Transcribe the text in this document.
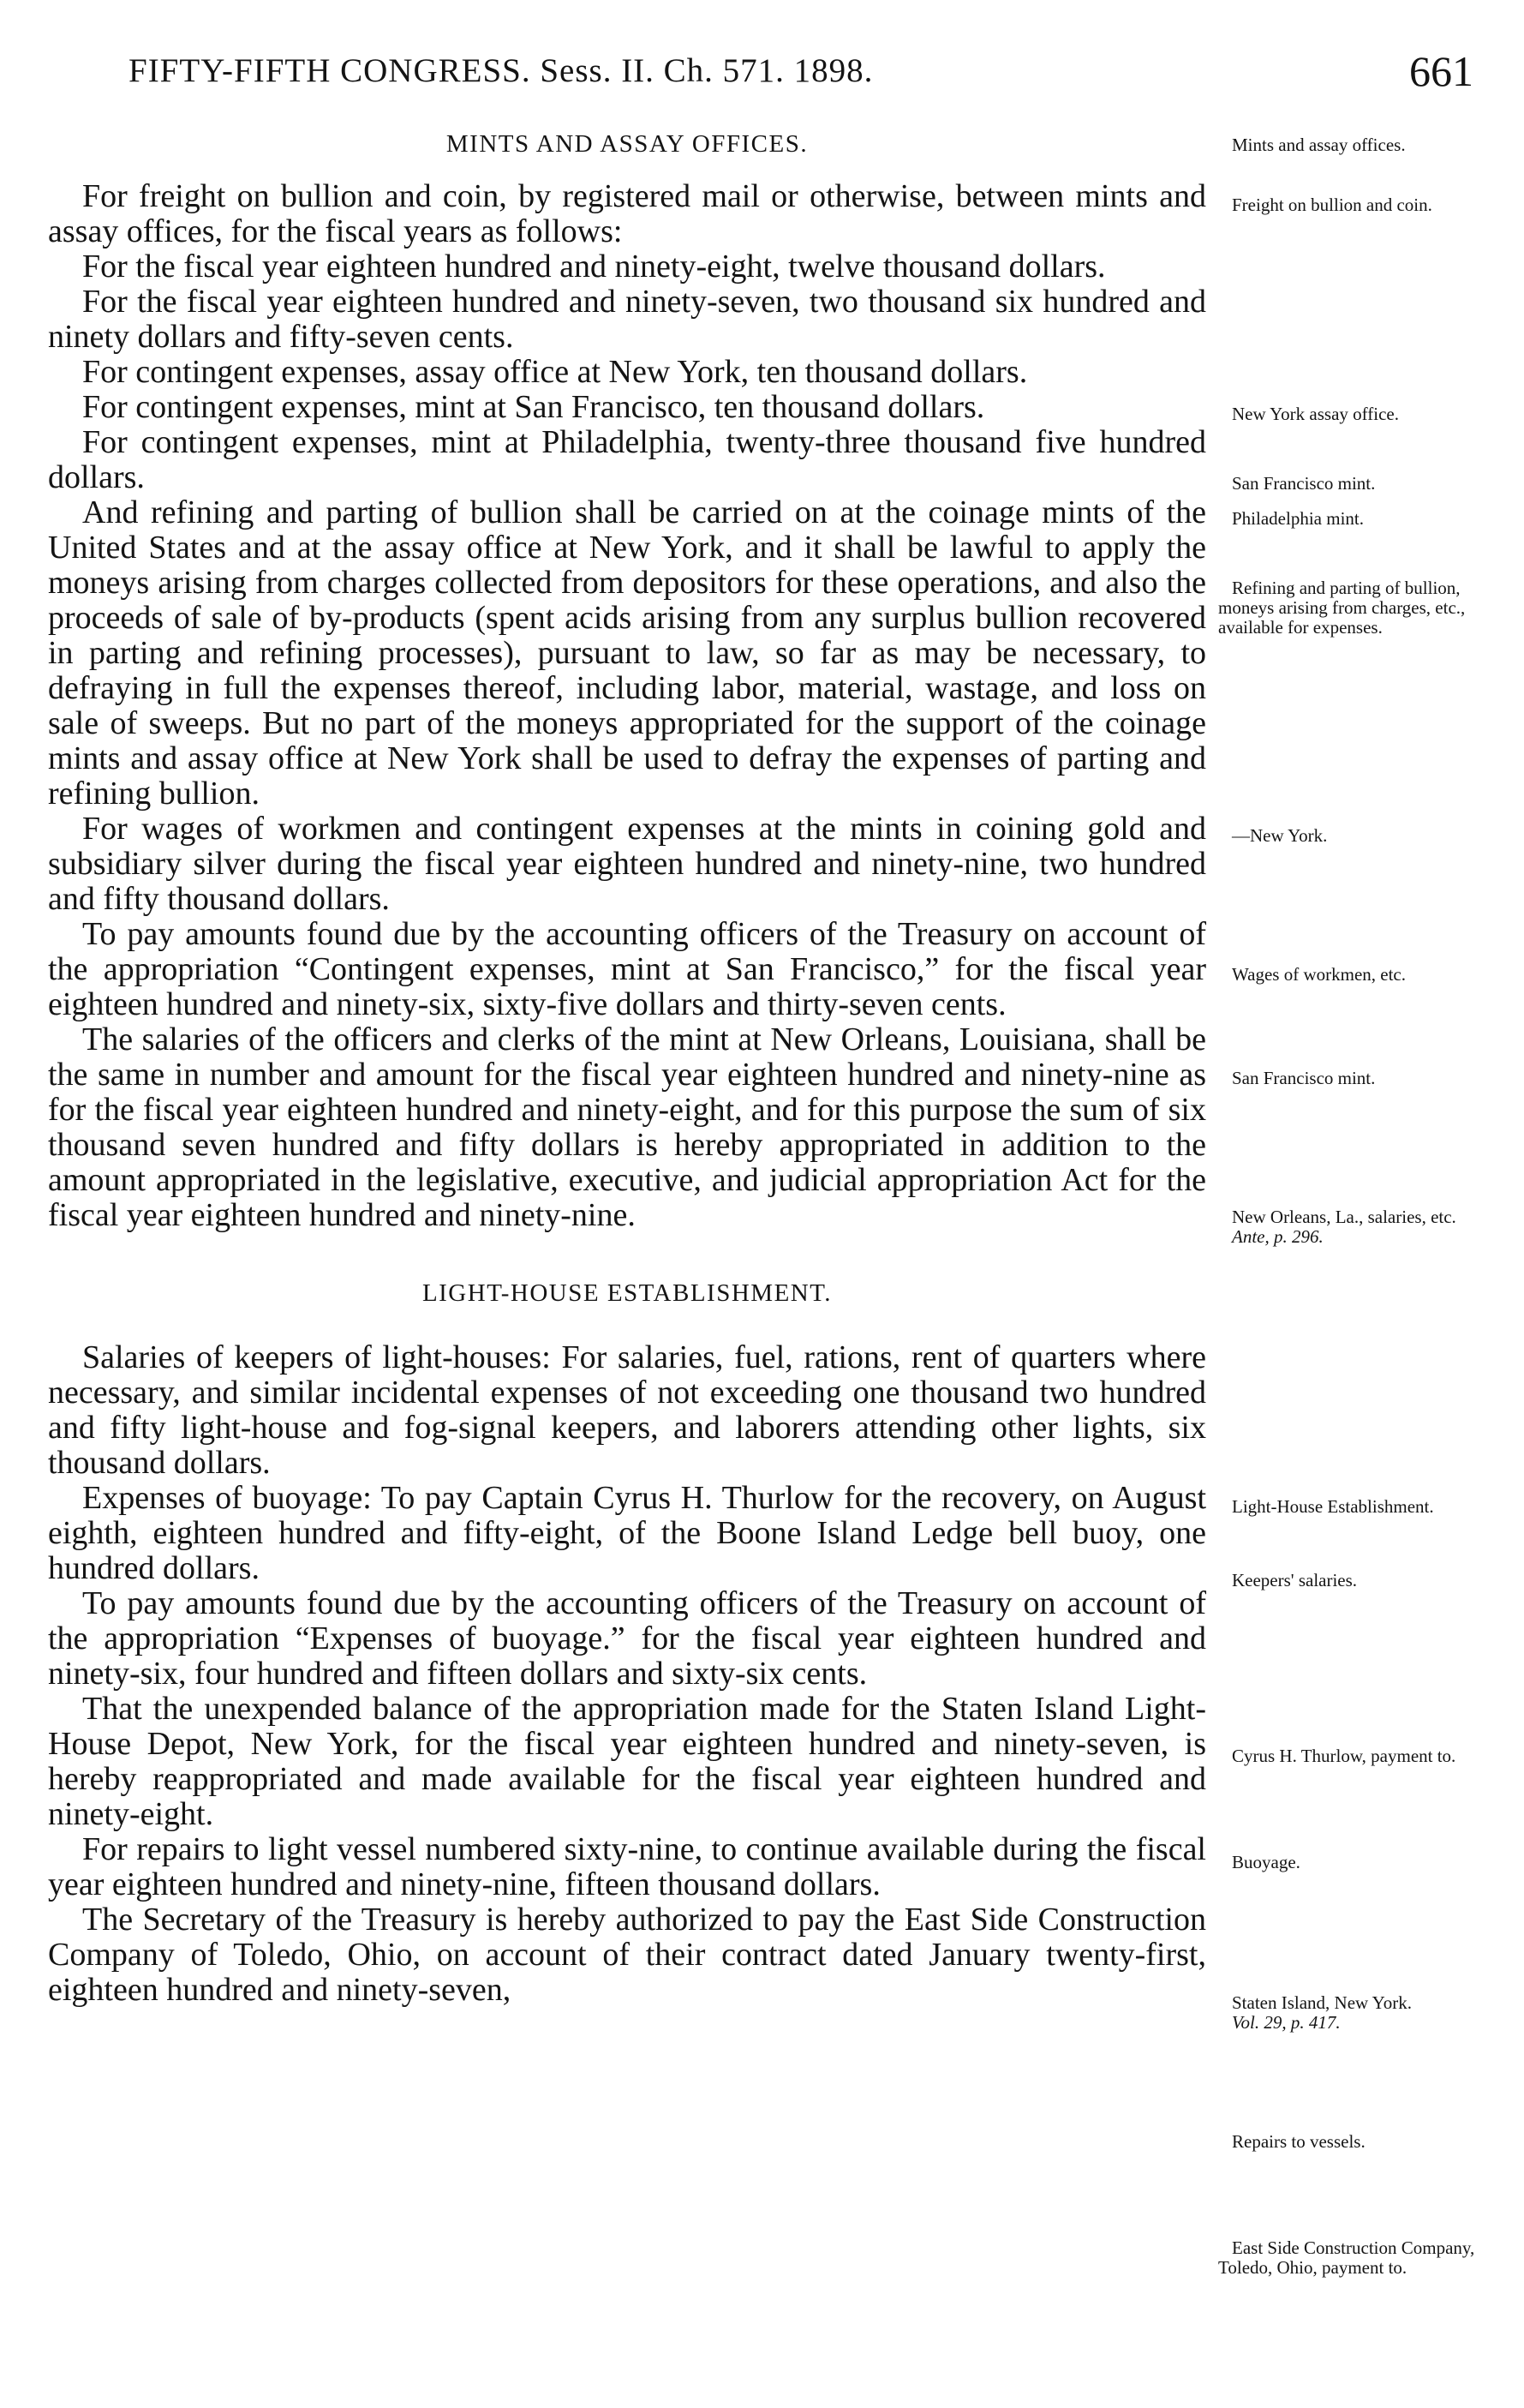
FIFTY-FIFTH CONGRESS. Sess. II. Ch. 571. 1898.	661
MINTS AND ASSAY OFFICES.

For freight on bullion and coin, by registered mail or otherwise, between mints and assay offices, for the fiscal years as follows:

For the fiscal year eighteen hundred and ninety-eight, twelve thousand dollars.

For the fiscal year eighteen hundred and ninety-seven, two thousand six hundred and ninety dollars and fifty-seven cents.

For contingent expenses, assay office at New York, ten thousand dollars.

For contingent expenses, mint at San Francisco, ten thousand dollars.

For contingent expenses, mint at Philadelphia, twenty-three thousand five hundred dollars.

And refining and parting of bullion shall be carried on at the coinage mints of the United States and at the assay office at New York, and it shall be lawful to apply the moneys arising from charges collected from depositors for these operations, and also the proceeds of sale of by-products (spent acids arising from any surplus bullion recovered in parting and refining processes), pursuant to law, so far as may be necessary, to defraying in full the expenses thereof, including labor, material, wastage, and loss on sale of sweeps. But no part of the moneys appropriated for the support of the coinage mints and assay office at New York shall be used to defray the expenses of parting and refining bullion.

For wages of workmen and contingent expenses at the mints in coining gold and subsidiary silver during the fiscal year eighteen hundred and ninety-nine, two hundred and fifty thousand dollars.

To pay amounts found due by the accounting officers of the Treasury on account of the appropriation “Contingent expenses, mint at San Francisco,” for the fiscal year eighteen hundred and ninety-six, sixty-five dollars and thirty-seven cents.

The salaries of the officers and clerks of the mint at New Orleans, Louisiana, shall be the same in number and amount for the fiscal year eighteen hundred and ninety-nine as for the fiscal year eighteen hundred and ninety-eight, and for this purpose the sum of six thousand seven hundred and fifty dollars is hereby appropriated in addition to the amount appropriated in the legislative, executive, and judicial appropriation Act for the fiscal year eighteen hundred and ninety-nine.

LIGHT-HOUSE ESTABLISHMENT.

Salaries of keepers of light-houses: For salaries, fuel, rations, rent of quarters where necessary, and similar incidental expenses of not exceeding one thousand two hundred and fifty light-house and fog-signal keepers, and laborers attending other lights, six thousand dollars.

Expenses of buoyage: To pay Captain Cyrus H. Thurlow for the recovery, on August eighth, eighteen hundred and fifty-eight, of the Boone Island Ledge bell buoy, one hundred dollars.

To pay amounts found due by the accounting officers of the Treasury on account of the appropriation “Expenses of buoyage.” for the fiscal year eighteen hundred and ninety-six, four hundred and fifteen dollars and sixty-six cents.

That the unexpended balance of the appropriation made for the Staten Island Light-House Depot, New York, for the fiscal year eighteen hundred and ninety-seven, is hereby reappropriated and made available for the fiscal year eighteen hundred and ninety-eight.

For repairs to light vessel numbered sixty-nine, to continue available during the fiscal year eighteen hundred and ninety-nine, fifteen thousand dollars.

The Secretary of the Treasury is hereby authorized to pay the East Side Construction Company of Toledo, Ohio, on account of their contract dated January twenty-first, eighteen hundred and ninety-seven,

Mints and assay offices.
Freight on bullion and coin.
New York assay office.
San Francisco mint.
Philadelphia mint.
Refining and parting of bullion, moneys arising from charges, etc., available for expenses.
—New York.
Wages of workmen, etc.
San Francisco mint.
New Orleans, La., salaries, etc.
Ante, p. 296.
Light-House Establishment.
Keepers' salaries.
Cyrus H. Thurlow, payment to.
Buoyage.
Staten Island, New York.
Vol. 29, p. 417.
Repairs to vessels.
East Side Construction Company, Toledo, Ohio, payment to.
